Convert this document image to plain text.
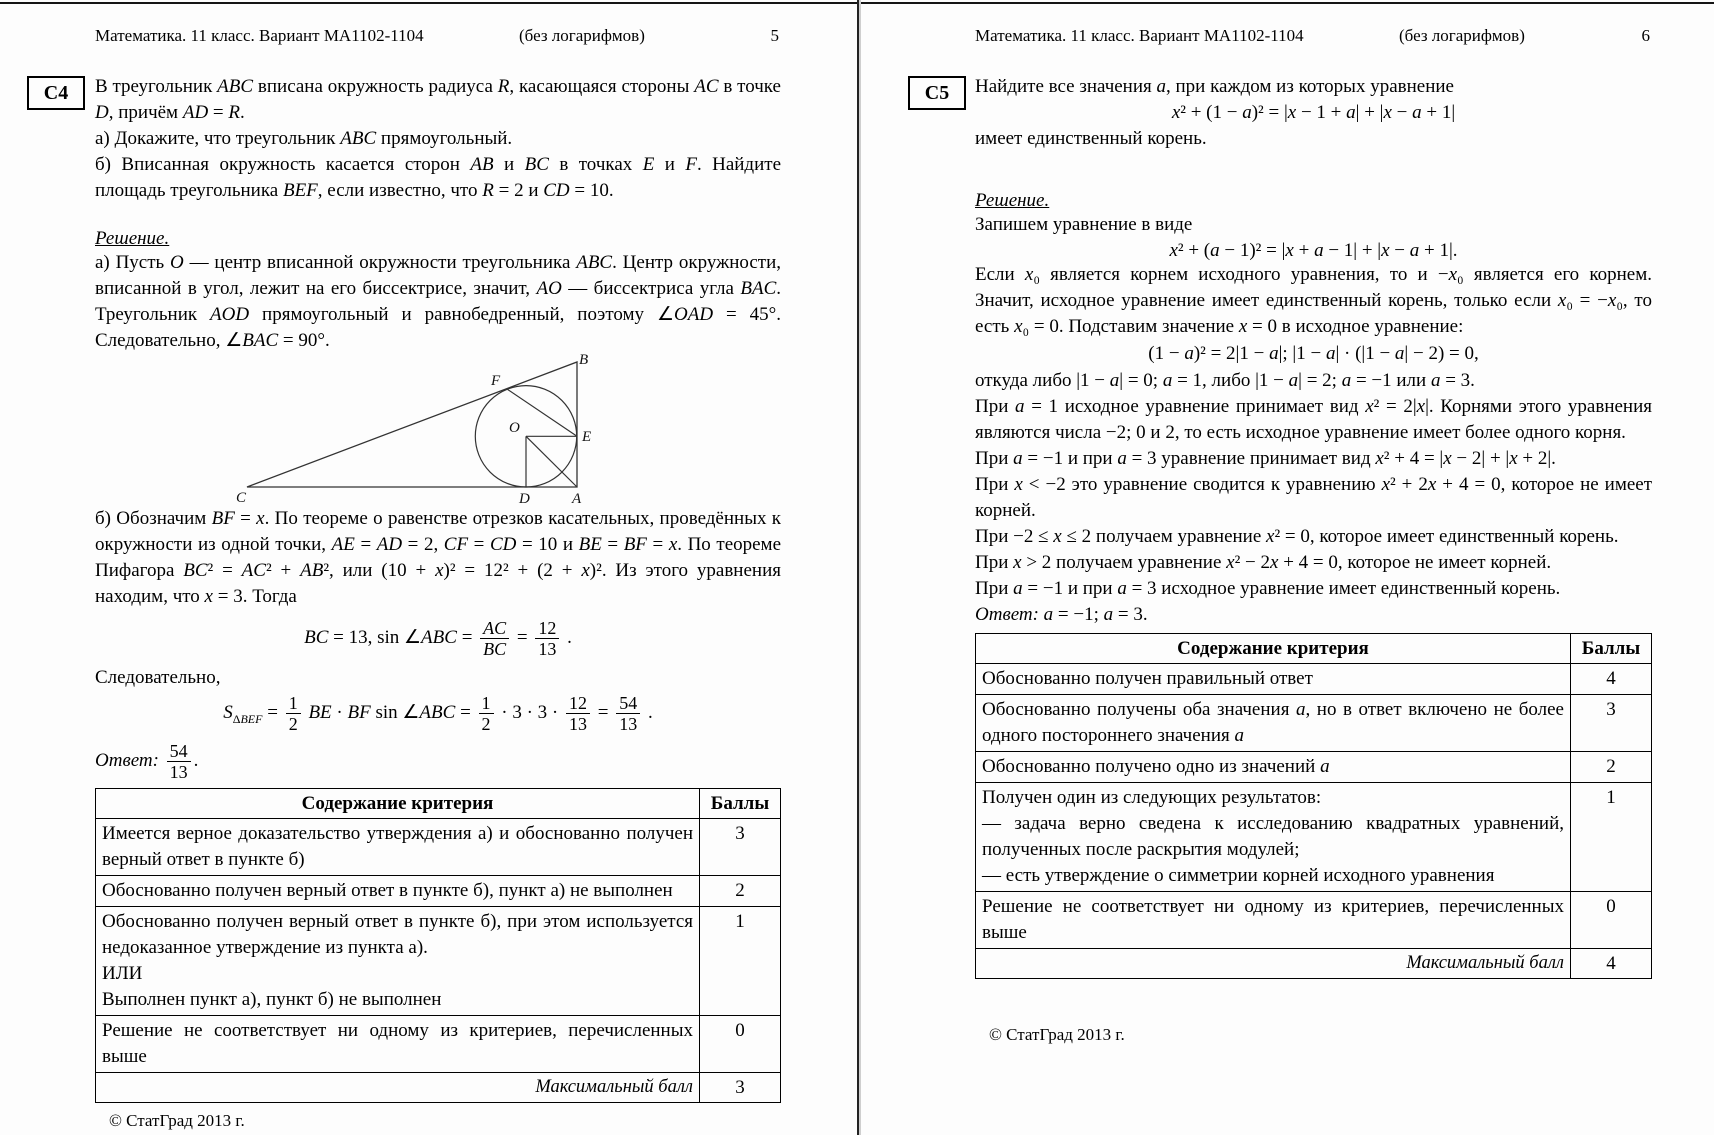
Математика. 11 класс. Вариант МА1102-1104	(без логарифмов)	5
В треугольник ABC вписана окружность радиуса R, касающаяся стороны AC в точке D, причём AD = R.
а) Докажите, что треугольник ABC прямоугольный.
б) Вписанная окружность касается сторон AB и BC в точках E и F. Найдите площадь треугольника BEF, если известно, что R = 2 и CD = 10.
Решение.
а) Пусть O — центр вписанной окружности треугольника ABC. Центр окружности, вписанной в угол, лежит на его биссектрисе, значит, AO — биссектриса угла BAC. Треугольник AOD прямоугольный и равнобедренный, поэтому ∠OAD = 45°. Следовательно, ∠BAC = 90°.
B
F
O
E
C	D	A
б) Обозначим BF = x. По теореме о равенстве отрезков касательных, проведённых к окружности из одной точки, AE = AD = 2, CF = CD = 10 и BE = BF = x. По теореме Пифагора BC² = AC² + AB², или (10 + x)² = 12² + (2 + x)². Из этого уравнения находим, что x = 3. Тогда
BC = 13, sin ∠ABC = $\frac{AC}{BC} = \frac{12}{13}$ .
Следовательно,
$S_{\Delta BEF} = \frac{1}{2}$ BE · BF sin ∠ABC = $\frac{1}{2} \cdot 3 \cdot 3 \cdot \frac{12}{13} = \frac{54}{13}$ .
Ответ: $\frac{54}{13}$ .
Содержание критерия	Баллы
Имеется верное доказательство утверждения а) и обоснованно получен верный ответ в пункте б)	3
Обоснованно получен верный ответ в пункте б), пункт а) не выполнен	2

Обоснованно получен верный ответ в пункте б), при этом используется недоказанное утверждение из пункта а).
ИЛИ
Выполнен пункт а), пункт б) не выполнен	1
Решение не соответствует ни одному из критериев, перечисленных выше	0
Максимальный балл	3
© СтатГрад 2013 г.
С4
Математика. 11 класс. Вариант МА1102-1104	(без логарифмов)	6
Найдите все значения a, при каждом из которых уравнение
x² + (1 − a)² = |x − 1 + a| + |x − a + 1|
имеет единственный корень.
Решение.
Запишем уравнение в виде
x² + (a − 1)² = |x + a − 1| + |x − a + 1|.
Если x₀ является корнем исходного уравнения, то и −x₀ является его корнем. Значит, исходное уравнение имеет единственный корень, только если x₀ = −x₀, то есть x₀ = 0. Подставим значение x = 0 в исходное уравнение:
(1 − a)² = 2|1 − a|; |1 − a| · (|1 − a| − 2) = 0,
откуда либо |1 − a| = 0; a = 1, либо |1 − a| = 2; a = −1 или a = 3.
При a = 1 исходное уравнение принимает вид x² = 2|x|. Корнями этого уравнения являются числа −2; 0 и 2, то есть исходное уравнение имеет более одного корня.
При a = −1 и при a = 3 уравнение принимает вид x² + 4 = |x − 2| + |x + 2|.
При x < −2 это уравнение сводится к уравнению x² + 2x + 4 = 0, которое не имеет корней.
При −2 ≤ x ≤ 2 получаем уравнение x² = 0, которое имеет единственный корень.
При x > 2 получаем уравнение x² − 2x + 4 = 0, которое не имеет корней.
При a = −1 и при a = 3 исходное уравнение имеет единственный корень.
Ответ: a = −1; a = 3.
Содержание критерия	Баллы
Обоснованно получен правильный ответ	4
Обоснованно получены оба значения a, но в ответ включено не более одного постороннего значения a	3
Обоснованно получено одно из значений a	2

Получен один из следующих результатов:
— задача верно сведена к исследованию квадратных уравнений, полученных после раскрытия модулей;
— есть утверждение о симметрии корней исходного уравнения	1
Решение не соответствует ни одному из критериев, перечисленных выше	0
Максимальный балл	4
© СтатГрад 2013 г.
С5
